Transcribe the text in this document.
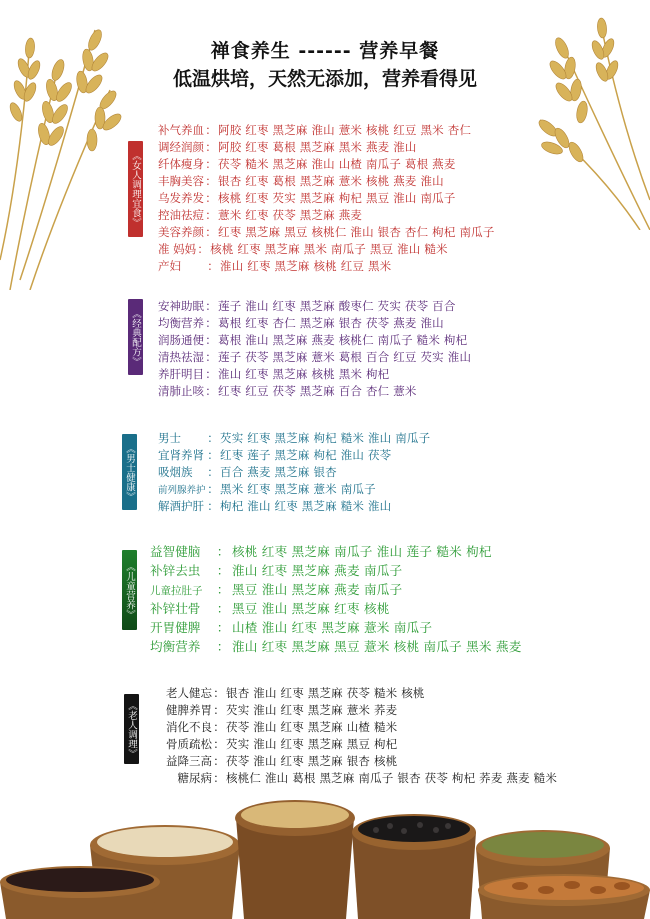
禅食养生 ------ 营养早餐
低温烘培，天然无添加，营养看得见
《女人调理宜食》
补气养血 ： 阿胶 红枣 黑芝麻 淮山 薏米 核桃 红豆 黑米 杏仁
调经润颜 ： 阿胶 红枣 葛根 黑芝麻 黑米 燕麦 淮山
纤体瘦身 ： 茯苓 糙米 黑芝麻 淮山 山楂 南瓜子 葛根 燕麦
丰胸美容 ： 银杏 红枣 葛根 黑芝麻 薏米 核桃 燕麦 淮山
乌发养发 ： 核桃 红枣 芡实 黑芝麻 枸杞 黑豆 淮山 南瓜子
控油祛痘 ： 薏米 红枣 茯苓 黑芝麻 燕麦
美容养颜 ： 红枣 黑芝麻 黑豆 核桃仁 淮山 银杏 杏仁 枸杞 南瓜子
准 妈妈 ： 核桃 红枣 黑芝麻 黑米 南瓜子 黑豆 淮山 糙米
产妇	： 淮山 红枣 黑芝麻 核桃 红豆 黑米
《经典配方》
安神助眠 ： 莲子 淮山 红枣 黑芝麻 酸枣仁 芡实 茯苓 百合
均衡营养 ： 葛根 红枣 杏仁 黑芝麻 银杏 茯苓 燕麦 淮山
润肠通便 ： 葛根 淮山 黑芝麻 燕麦 核桃仁 南瓜子 糙米 枸杞
清热祛湿 ： 莲子 茯苓 黑芝麻 薏米 葛根 百合 红豆 芡实 淮山
养肝明目 ： 淮山 红枣 黑芝麻 核桃 黑米 枸杞
清肺止咳 ： 红枣 红豆 茯苓 黑芝麻 百合 杏仁 薏米
《男士健康》
男士	： 芡实 红枣 黑芝麻 枸杞 糙米 淮山 南瓜子
宜肾养肾 ： 红枣 莲子 黑芝麻 枸杞 淮山 茯苓
吸烟族	： 百合 燕麦 黑芝麻 银杏
前列腺养护 ： 黑米 红枣 黑芝麻 薏米 南瓜子
解酒护肝 ： 枸杞 淮山 红枣 黑芝麻 糙米 淮山
《儿童营养》
益智健脑	： 核桃 红枣 黑芝麻 南瓜子 淮山 莲子 糙米 枸杞
补锌去虫	： 淮山 红枣 黑芝麻 燕麦 南瓜子
儿童拉肚子	： 黑豆 淮山 黑芝麻 燕麦 南瓜子
补锌壮骨	： 黑豆 淮山 黑芝麻 红枣 核桃
开胃健脾	： 山楂 淮山 红枣 黑芝麻 薏米 南瓜子
均衡营养	： 淮山 红枣 黑芝麻 黑豆 薏米 核桃 南瓜子 黑米 燕麦
《老人调理》
老人健忘 ： 银杏 淮山 红枣 黑芝麻 茯苓 糙米 核桃
健脾养胃 ： 芡实 淮山 红枣 黑芝麻 薏米 荞麦
消化不良 ： 茯苓 淮山 红枣 黑芝麻 山楂 糙米
骨质疏松 ： 芡实 淮山 红枣 黑芝麻 黑豆 枸杞
益降三高 ： 茯苓 淮山 红枣 黑芝麻 银杏 核桃
糖尿病 ： 核桃仁 淮山 葛根 黑芝麻 南瓜子 银杏 茯苓 枸杞 荞麦 燕麦 糙米
